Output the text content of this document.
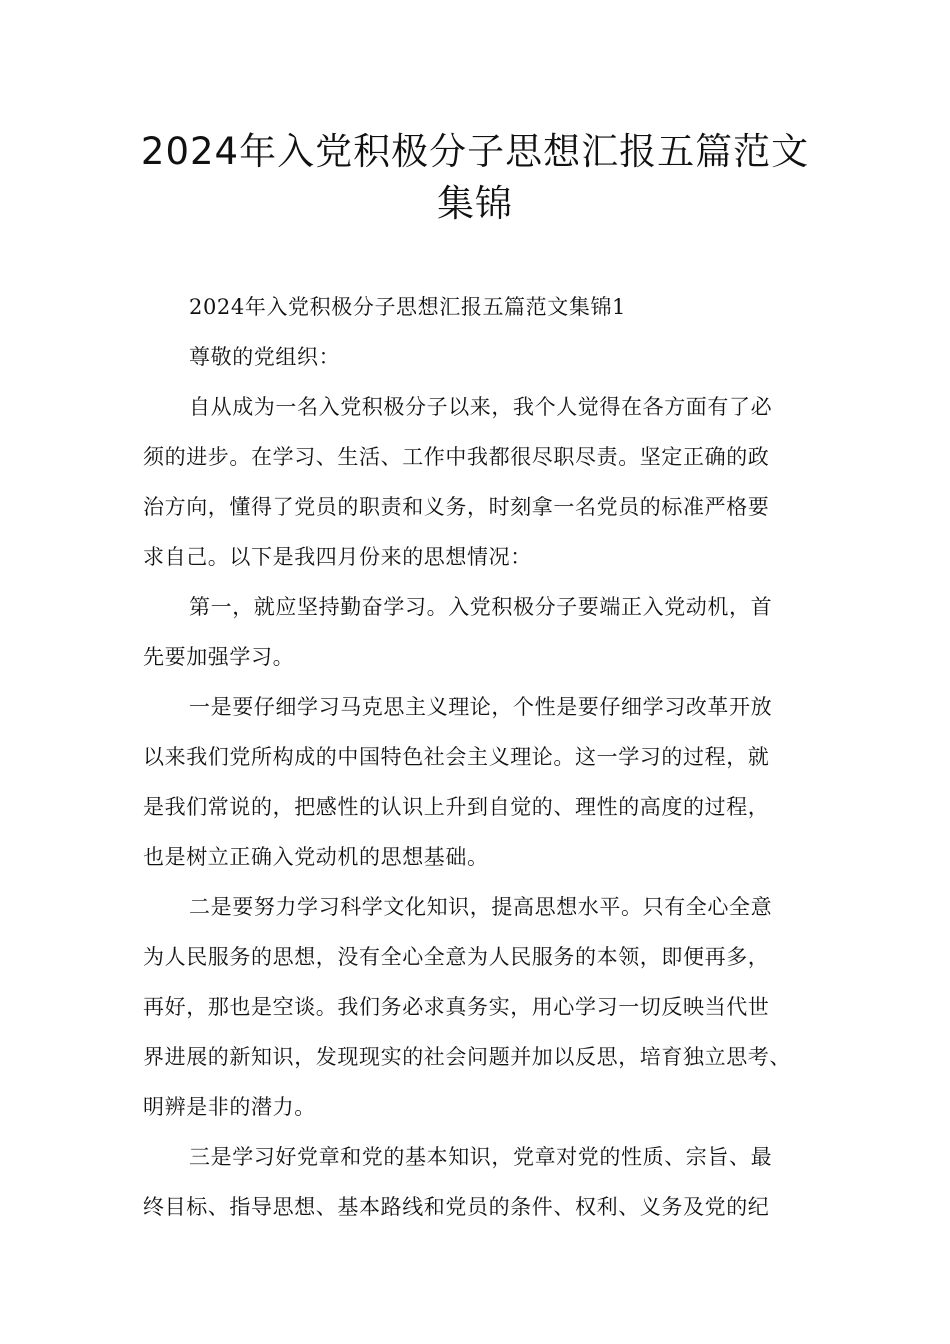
2024年入党积极分子思想汇报五篇范文
集锦

2024年入党积极分子思想汇报五篇范文集锦1

尊敬的党组织：

自从成为一名入党积极分子以来，我个人觉得在各方面有了必
须的进步。在学习、生活、工作中我都很尽职尽责。坚定正确的政
治方向，懂得了党员的职责和义务，时刻拿一名党员的标准严格要
求自己。以下是我四月份来的思想情况：

第一，就应坚持勤奋学习。入党积极分子要端正入党动机，首
先要加强学习。

一是要仔细学习马克思主义理论，个性是要仔细学习改革开放
以来我们党所构成的中国特色社会主义理论。这一学习的过程，就
是我们常说的，把感性的认识上升到自觉的、理性的高度的过程，
也是树立正确入党动机的思想基础。

二是要努力学习科学文化知识，提高思想水平。只有全心全意
为人民服务的思想，没有全心全意为人民服务的本领，即便再多，
再好，那也是空谈。我们务必求真务实，用心学习一切反映当代世
界进展的新知识，发现现实的社会问题并加以反思，培育独立思考、
明辨是非的潜力。

三是学习好党章和党的基本知识，党章对党的性质、宗旨、最
终目标、指导思想、基本路线和党员的条件、权利、义务及党的纪
